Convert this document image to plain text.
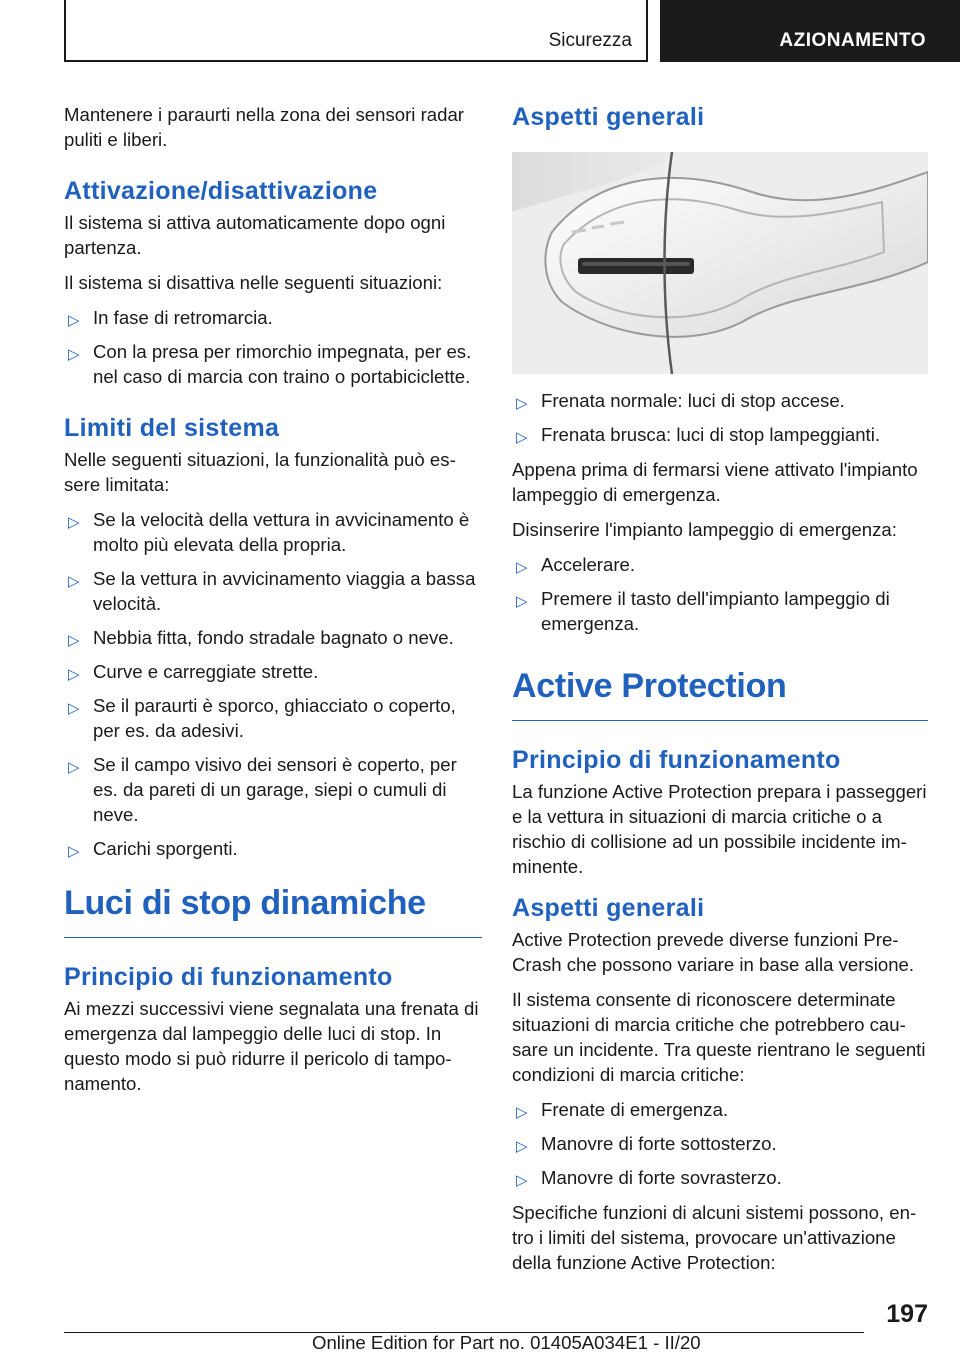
Sicurezza	AZIONAMENTO

Mantenere i paraurti nella zona dei sensori radar puliti e liberi.

Attivazione/disattivazione

Il sistema si attiva automaticamente dopo ogni partenza.

Il sistema si disattiva nelle seguenti situazioni:

▷ In fase di retromarcia.
▷ Con la presa per rimorchio impegnata, per es. nel caso di marcia con traino o portabiciclette.
Limiti del sistema

Nelle seguenti situazioni, la funzionalità può essere limitata:

▷ Se la velocità della vettura in avvicinamento è molto più elevata della propria.
▷ Se la vettura in avvicinamento viaggia a bassa velocità.
▷ Nebbia fitta, fondo stradale bagnato o neve.
▷ Curve e carreggiate strette.
▷ Se il paraurti è sporco, ghiacciato o coperto, per es. da adesivi.
▷ Se il campo visivo dei sensori è coperto, per es. da pareti di un garage, siepi o cumuli di neve.
▷ Carichi sporgenti.
Luci di stop dinamiche
Principio di funzionamento

Ai mezzi successivi viene segnalata una frenata di emergenza dal lampeggio delle luci di stop. In questo modo si può ridurre il pericolo di tamponamento.

Aspetti generali
▷ Frenata normale: luci di stop accese.
▷ Frenata brusca: luci di stop lampeggianti.

Appena prima di fermarsi viene attivato l'impianto lampeggio di emergenza.

Disinserire l'impianto lampeggio di emergenza:

▷ Accelerare.
▷ Premere il tasto dell'impianto lampeggio di emergenza.
Active Protection
Principio di funzionamento

La funzione Active Protection prepara i passeggeri e la vettura in situazioni di marcia critiche o a rischio di collisione ad un possibile incidente imminente.

Aspetti generali

Active Protection prevede diverse funzioni Pre-Crash che possono variare in base alla versione.

Il sistema consente di riconoscere determinate situazioni di marcia critiche che potrebbero causare un incidente. Tra queste rientrano le seguenti condizioni di marcia critiche:

▷ Frenate di emergenza.
▷ Manovre di forte sottosterzo.
▷ Manovre di forte sovrasterzo.

Specifiche funzioni di alcuni sistemi possono, entro i limiti del sistema, provocare un'attivazione della funzione Active Protection:

197
Online Edition for Part no. 01405A034E1 - II/20
